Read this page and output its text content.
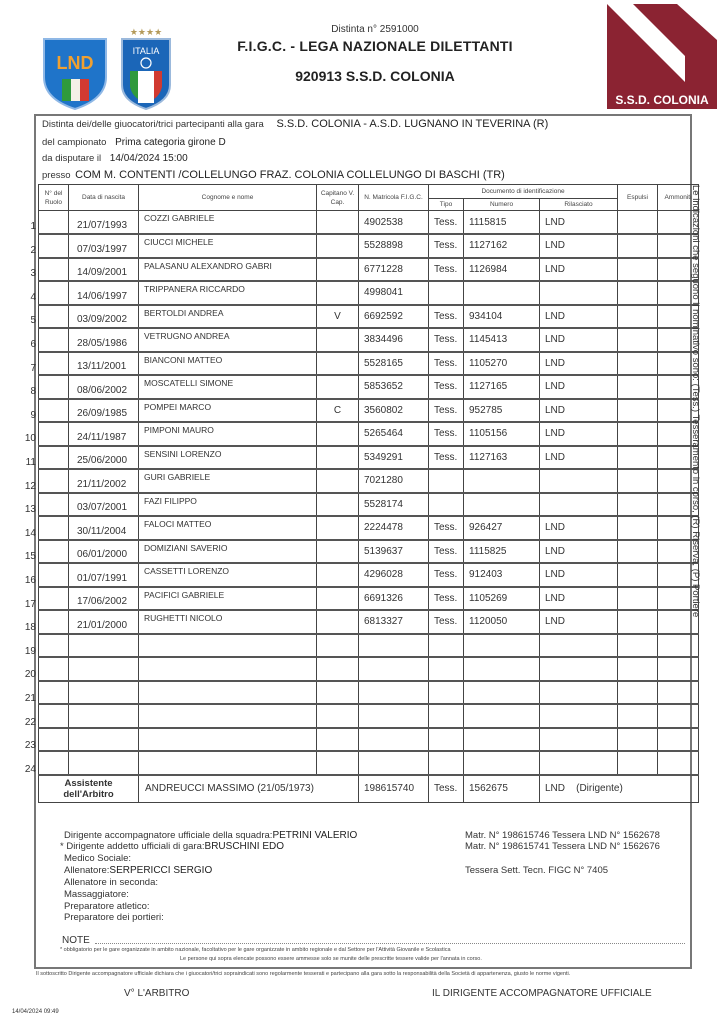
LND
★★★★
ITALIA
Distinta n° 2591000
F.I.G.C. - LEGA NAZIONALE DILETTANTI
920913 S.S.D. COLONIA
S.S.D. COLONIA
Distinta dei/delle giuocatori/trici partecipanti alla gara S.S.D. COLONIA - A.S.D. LUGNANO IN TEVERINA (R)
del campionato Prima categoria girone D
da disputare il 14/04/2024 15:00
presso COM M. CONTENTI /COLLELUNGO FRAZ. COLONIA COLLELUNGO DI BASCHI (TR)
1
2
3
4
5
6
7
8
9
10
11
12
13
14
15
16
17
18
19
20
21
22
23
24
N° del Ruolo	Data di nascita	Cognome e nome	Capitano V. Cap.	N. Matricola F.I.G.C.	Documento di identificazione			Espulsi	Ammoniti
					Tipo	Numero	Rilasciato		
	21/07/1993	COZZI GABRIELE		4902538	Tess.	1115815	LND		
	07/03/1997	CIUCCI MICHELE		5528898	Tess.	1127162	LND		
	14/09/2001	PALASANU ALEXANDRO GABRI		6771228	Tess.	1126984	LND		
	14/06/1997	TRIPPANERA RICCARDO		4998041					
	03/09/2002	BERTOLDI ANDREA	V	6692592	Tess.	934104	LND		
	28/05/1986	VETRUGNO ANDREA		3834496	Tess.	1145413	LND		
	13/11/2001	BIANCONI MATTEO		5528165	Tess.	1105270	LND		
	08/06/2002	MOSCATELLI SIMONE		5853652	Tess.	1127165	LND		
	26/09/1985	POMPEI MARCO	C	3560802	Tess.	952785	LND		
	24/11/1987	PIMPONI MAURO		5265464	Tess.	1105156	LND		
	25/06/2000	SENSINI LORENZO		5349291	Tess.	1127163	LND		
	21/11/2002	GURI GABRIELE		7021280					
	03/07/2001	FAZI FILIPPO		5528174					
	30/11/2004	FALOCI MATTEO		2224478	Tess.	926427	LND		
	06/01/2000	DOMIZIANI SAVERIO		5139637	Tess.	1115825	LND		
	01/07/1991	CASSETTI LORENZO		4296028	Tess.	912403	LND		
	17/06/2002	PACIFICI GABRIELE		6691326	Tess.	1105269	LND		
	21/01/2000	RUGHETTI NICOLO		6813327	Tess.	1120050	LND		

Assistente
dell'Arbitro		ANDREUCCI MASSIMO (21/05/1973)		198615740	Tess.	1562675	LND    (Dirigente)		
Le indicazioni che seguono il nominativo sono: (Tess.) Tesseramento in corso, (R) Riserva, (P) Portiere
Dirigente accompagnatore ufficiale della squadra:PETRINI VALERIO
* Dirigente addetto ufficiali di gara:BRUSCHINI EDO
Medico Sociale:
Allenatore:SERPERICCI SERGIO
Allenatore in seconda:
Massaggiatore:
Preparatore atletico:
Preparatore dei portieri:
Matr. N° 198615746 Tessera LND N° 1562678
Matr. N° 198615741 Tessera LND N° 1562676
Tessera Sett. Tecn. FIGC N° 7405
NOTE
* obbligatorio per le gare organizzate in ambito nazionale, facoltativo per le gare organizzate in ambito regionale e dal Settore per l'Attività Giovanile e Scolastica
Le persone qui sopra elencate possono essere ammesse solo se munite delle prescritte tessere valide per l'annata in corso.
Il sottoscritto Dirigente accompagnatore ufficiale dichiara che i giuocatori/trici sopraindicati sono regolarmente tesserati e partecipano alla gara sotto la responsabilità della Società di appartenenza, giusto le norme vigenti.
V° L'ARBITRO	IL DIRIGENTE ACCOMPAGNATORE UFFICIALE
14/04/2024 09:49
